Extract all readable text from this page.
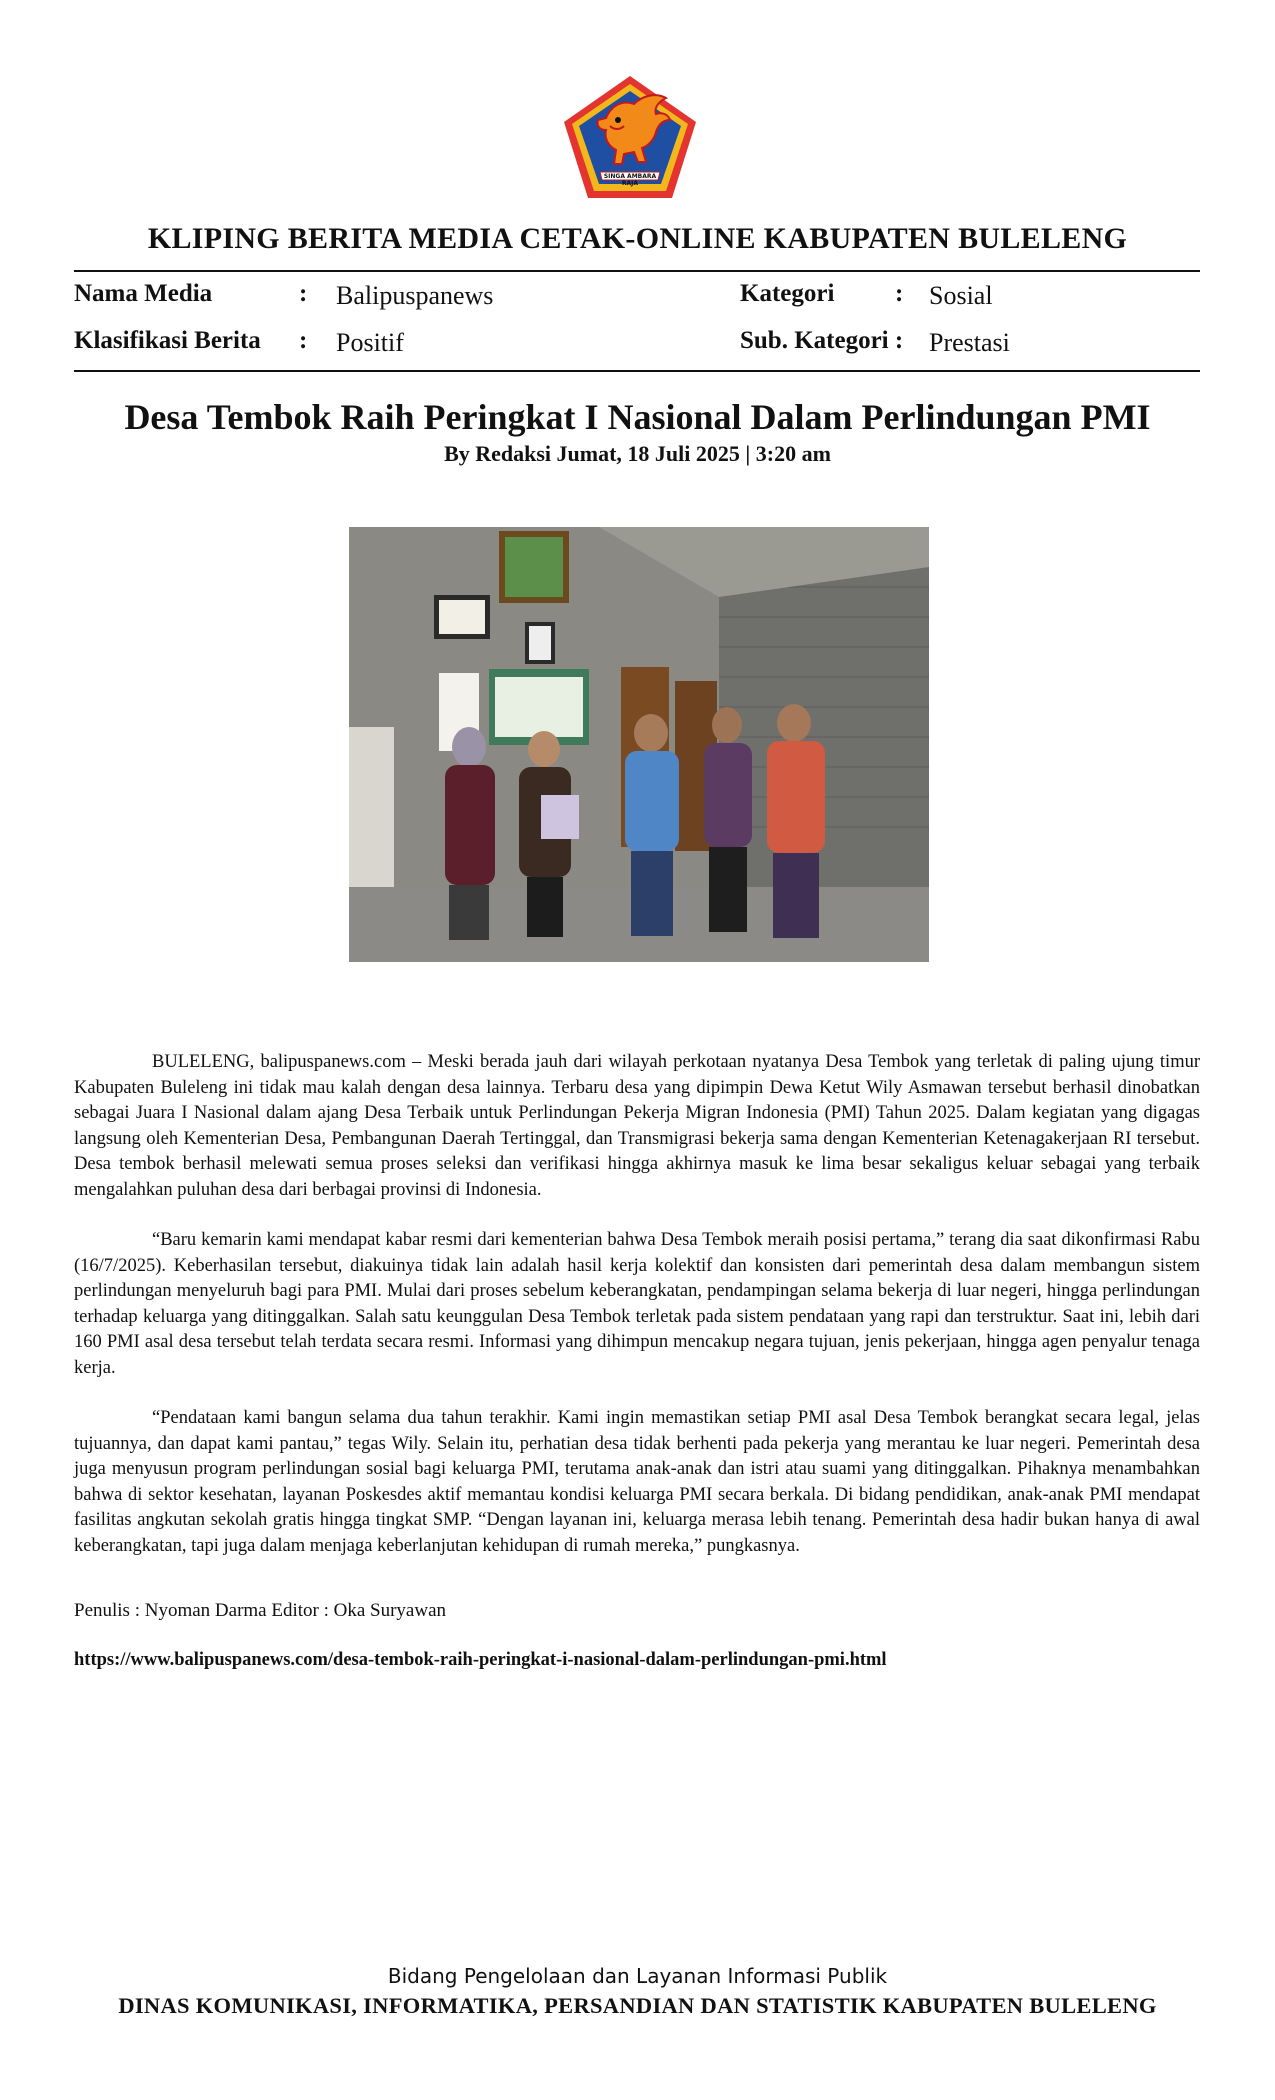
SINGA AMBARA RAJA
KLIPING BERITA MEDIA CETAK-ONLINE KABUPATEN BULELENG
Nama Media	: Balipuspanews	Kategori : Sosial
Klasifikasi Berita : Positif	Sub. Kategori : Prestasi
Desa Tembok Raih Peringkat I Nasional Dalam Perlindungan PMI
By Redaksi Jumat, 18 Juli 2025 | 3:20 am

BULELENG, balipuspanews.com – Meski berada jauh dari wilayah perkotaan nyatanya Desa Tembok yang terletak di paling ujung timur Kabupaten Buleleng ini tidak mau kalah dengan desa lainnya. Terbaru desa yang dipimpin Dewa Ketut Wily Asmawan tersebut berhasil dinobatkan sebagai Juara I Nasional dalam ajang Desa Terbaik untuk Perlindungan Pekerja Migran Indonesia (PMI) Tahun 2025. Dalam kegiatan yang digagas langsung oleh Kementerian Desa, Pembangunan Daerah Tertinggal, dan Transmigrasi bekerja sama dengan Kementerian Ketenagakerjaan RI tersebut. Desa tembok berhasil melewati semua proses seleksi dan verifikasi hingga akhirnya masuk ke lima besar sekaligus keluar sebagai yang terbaik mengalahkan puluhan desa dari berbagai provinsi di Indonesia.

“Baru kemarin kami mendapat kabar resmi dari kementerian bahwa Desa Tembok meraih posisi pertama,” terang dia saat dikonfirmasi Rabu (16/7/2025). Keberhasilan tersebut, diakuinya tidak lain adalah hasil kerja kolektif dan konsisten dari pemerintah desa dalam membangun sistem perlindungan menyeluruh bagi para PMI. Mulai dari proses sebelum keberangkatan, pendampingan selama bekerja di luar negeri, hingga perlindungan terhadap keluarga yang ditinggalkan. Salah satu keunggulan Desa Tembok terletak pada sistem pendataan yang rapi dan terstruktur. Saat ini, lebih dari 160 PMI asal desa tersebut telah terdata secara resmi. Informasi yang dihimpun mencakup negara tujuan, jenis pekerjaan, hingga agen penyalur tenaga kerja.

“Pendataan kami bangun selama dua tahun terakhir. Kami ingin memastikan setiap PMI asal Desa Tembok berangkat secara legal, jelas tujuannya, dan dapat kami pantau,” tegas Wily. Selain itu, perhatian desa tidak berhenti pada pekerja yang merantau ke luar negeri. Pemerintah desa juga menyusun program perlindungan sosial bagi keluarga PMI, terutama anak-anak dan istri atau suami yang ditinggalkan. Pihaknya menambahkan bahwa di sektor kesehatan, layanan Poskesdes aktif memantau kondisi keluarga PMI secara berkala. Di bidang pendidikan, anak-anak PMI mendapat fasilitas angkutan sekolah gratis hingga tingkat SMP. “Dengan layanan ini, keluarga merasa lebih tenang. Pemerintah desa hadir bukan hanya di awal keberangkatan, tapi juga dalam menjaga keberlanjutan kehidupan di rumah mereka,” pungkasnya.

Penulis : Nyoman Darma Editor : Oka Suryawan
https://www.balipuspanews.com/desa-tembok-raih-peringkat-i-nasional-dalam-perlindungan-pmi.html
Bidang Pengelolaan dan Layanan Informasi Publik
DINAS KOMUNIKASI, INFORMATIKA, PERSANDIAN DAN STATISTIK KABUPATEN BULELENG
